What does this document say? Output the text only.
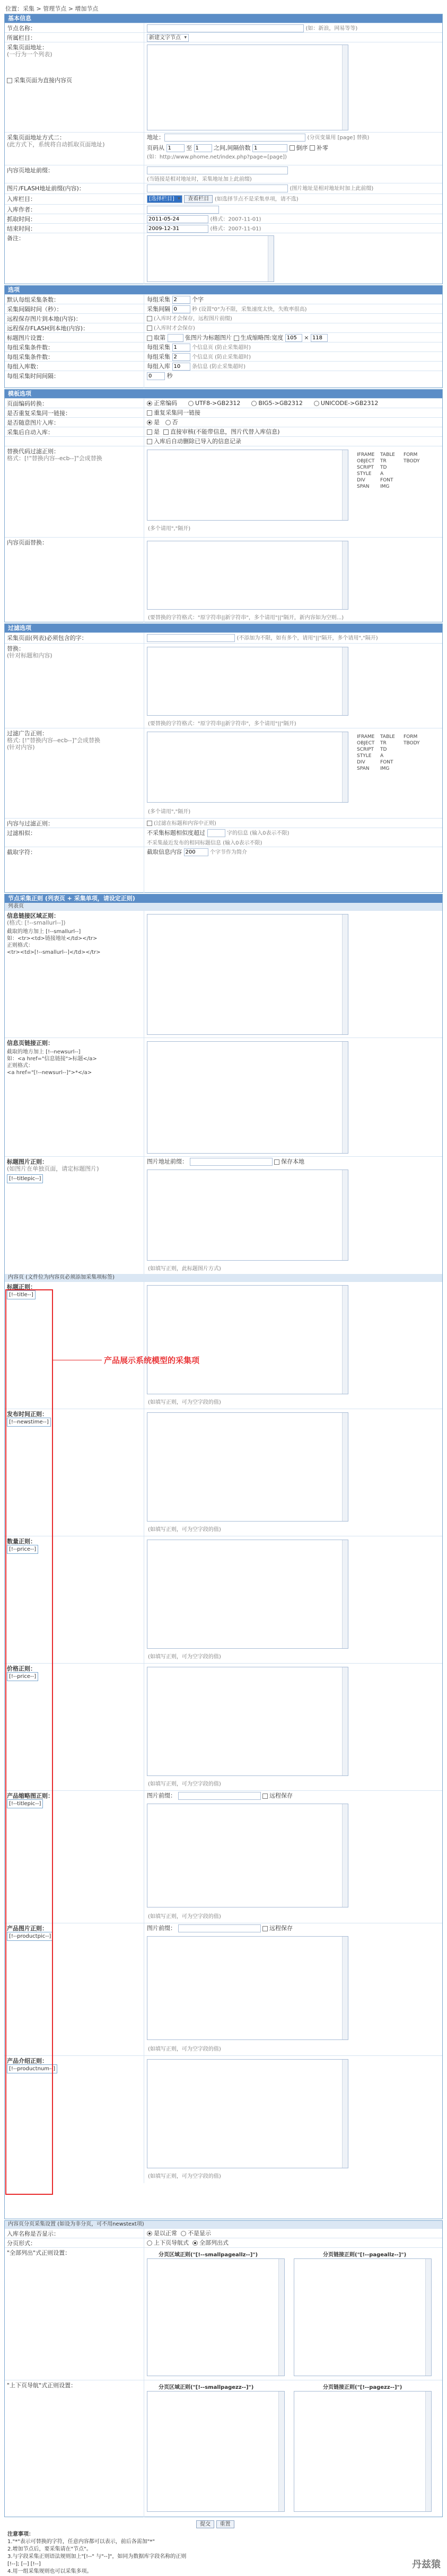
位置：采集 > 管理节点 > 增加节点
基本信息
节点名称：	(如：新浪，网易等等)
所属栏目：	新建文字节点 ▾
采集页面地址：
(一行为一个列表)
采集页面为直接内容页
采集页面地址方式二：
(此方式下，系统将自动抓取页面地址)
地址：	(分页变量用 [page] 替换)
页码从 1	至 1	之间,间隔倍数 1	倒序 补零
(如：http://www.phome.net/index.php?page=[page])
内容页地址前缀：
(当链接是相对地址时，采集地址加上此前缀)
图片/FLASH地址前缀(内容)：	(图片地址是相对地址时加上此前缀)
入库栏目：	[选择栏目] ▾	查看栏目 (如选择节点不是采集单项，请不选)
入库作者：
抓取时间：
2011-05-24	(格式：2007-11-01)
结束时间：
2009-12-31	(格式：2007-11-01)
备注：
选项
默认每组采集条数：	每组采集 2	个字
采集间隔时间（秒）：	采集间隔 0	秒 (设置"0"为不限，采集速度太快，失败率很高)
远程保存图片到本地(内容)：	(入库时才会保存，远程图片前缀)
远程保存FLASH到本地(内容)：	(入库时才会保存)
标题图片设置：	取第	张图片为标题图片 生成缩略图:宽度 105	× 118
每组采集条件数：	每组采集 1	个信息页 (防止采集超时)
每组采集条件数：	每组采集 2	个信息页 (防止采集超时)
每组入库数：	每组入库 10	条信息 (防止采集超时)
每组采集时间间隔：
0	秒
模板选项
页面编码转换：	正常编码	UTF8->GB2312	BIG5->GB2312	UNICODE->GB2312
是否重复采集同一链接：	重复采集同一链接
是否随意图片入库：	是 否
采集后自动入库：	是 直接审核(不能带信息，图片代替入库信息)
入库后自动删除已导入的信息记录
替换代码过滤正则：
格式：[!"替换内容--ecb--]"会成替换
(多个请用","隔开)
IFRAME TABLE FORM OBJECT TR	TBODY SCRIPT TD STYLE A DIV	FONT SPAN IMG
内容页面替换：
(要替换的字符格式："原字符串||新字符串"，多个请用"||"隔开，新内容如为空则...)
过滤选项
采集页面(列表)必须包含的字：	(不添加为不限，如有多个，请用"||"隔开，多个请用","隔开)
替换：
(针对标题和内容)
(要替换的字符格式："原字符串||新字符串"，多个请用"||"隔开)
过滤广告正则：
格式: [!"替换内容--ecb--]"会成替换
(针对内容)
(多个请用","隔开)
IFRAME TABLE FORM OBJECT TR	TBODY SCRIPT TD STYLE A DIV	FONT SPAN IMG
内容与过滤正则：	(过滤在标题和内容中正则)
过滤相似：	不采集标题相似度超过	字的信息 (输入0表示不限)
不采集最近发布的相同标题信息 (输入0表示不限)
截取字符：	截取信息内容 200	个字节作为简介
节点采集正则 (列表页 + 采集单项，请设定正则)
列表页
信息链接区域正则：
(格式: [!--smallurl--])
截取的地方加上 [!--smallurl--]
如：<tr><td>链接地址</td></tr>
正则格式：
<tr><td>[!--smallurl--]</td></tr>
信息页链接正则：
截取的地方加上 [!--newsurl--]
如：<a href="信息链接">标题</a>
正则格式：
<a href="[!--newsurl--]">*</a>
标题图片正则：
(如图片在单独页面，请定标题图片)
[!--titlepic--]
图片地址前缀：	保存本地
(如填写正则，此标题图片方式)
内容页 (文件位为内容页必须添加采集项标签)
标题正则：
[!--title--]
(如填写正则，可为空字段的值)
发布时间正则：
[!--newstime--]
(如填写正则，可为空字段的值)
数量正则：
[!--price--]
(如填写正则，可为空字段的值)
价格正则：
[!--price--]
(如填写正则，可为空字段的值)
产品缩略图正则：
[!--titlepic--]
图片前缀：	远程保存
(如填写正则，可为空字段的值)
产品图片正则：
[!--productpic--]
图片前缀：	远程保存
(如填写正则，可为空字段的值)
产品介绍正则：
[!--productnum--]
(如填写正则，可为空字段的值)
产品展示系统模型的采集项
内容页分页采集设置 (如设为非分页，可不用newstext项)
入库名称是否显示：	是以正常 不是显示
分页形式：	上下页导航式 全部列出式
"全部列出"式正则设置：	分页区域正则("[!--smallpageallz--]")	分页链接正则("[!--pageallz--]")
"上下页导航"式正则设置：	分页区域正则("[!--smallpagezz--]")	分页链接正则("[!--pagezz--]")
提交 重置
注意事项：
1."*"表示可替换的字符，任意内容都可以表示，前后各需加"*"
2.增加节点后，要采集请在"节点"。
3.与字段采集正则语法规则加上"[!--" 与"--]"，如同为数据库字段名称的正则
[!--]; [--] [!--]
4.用一组采集规则也可以采集多项。
丹兹猿
